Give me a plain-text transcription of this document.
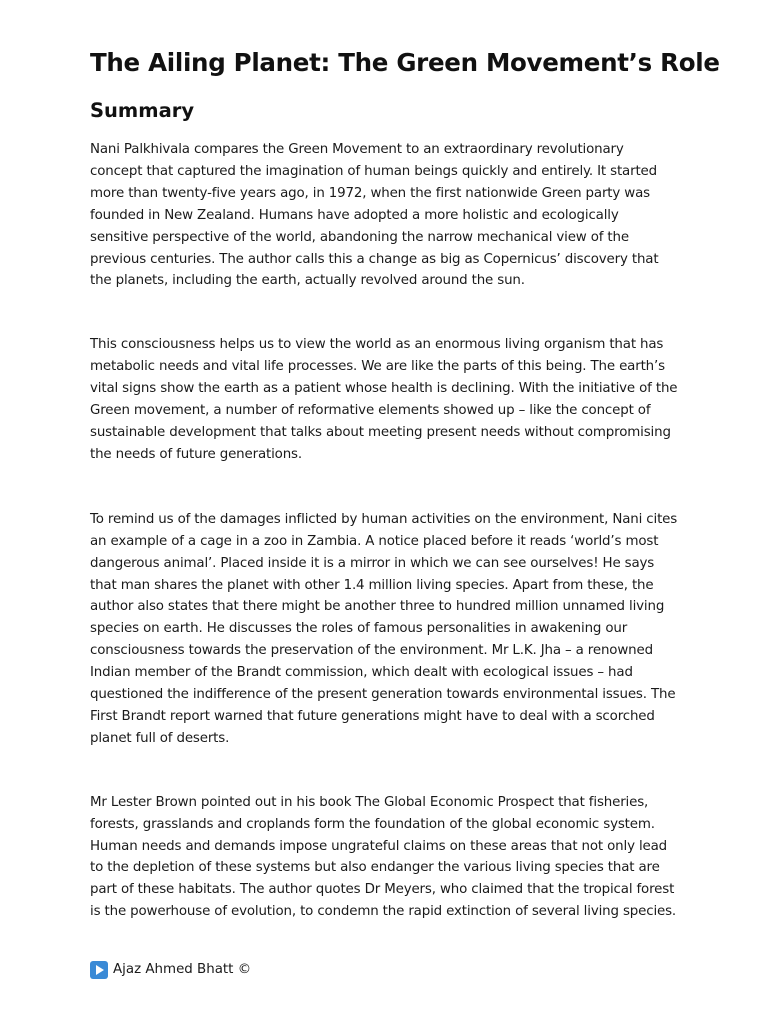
The Ailing Planet: The Green Movement’s Role
Summary

Nani Palkhivala compares the Green Movement to an extraordinary revolutionary concept that captured the imagination of human beings quickly and entirely. It started more than twenty-five years ago, in 1972, when the first nationwide Green party was founded in New Zealand. Humans have adopted a more holistic and ecologically sensitive perspective of the world, abandoning the narrow mechanical view of the previous centuries. The author calls this a change as big as Copernicus’ discovery that the planets, including the earth, actually revolved around the sun.

This consciousness helps us to view the world as an enormous living organism that has metabolic needs and vital life processes. We are like the parts of this being. The earth’s vital signs show the earth as a patient whose health is declining. With the initiative of the Green movement, a number of reformative elements showed up – like the concept of sustainable development that talks about meeting present needs without compromising the needs of future generations.

To remind us of the damages inflicted by human activities on the environment, Nani cites an example of a cage in a zoo in Zambia. A notice placed before it reads ‘world’s most dangerous animal’. Placed inside it is a mirror in which we can see ourselves! He says that man shares the planet with other 1.4 million living species. Apart from these, the author also states that there might be another three to hundred million unnamed living species on earth. He discusses the roles of famous personalities in awakening our consciousness towards the preservation of the environment. Mr L.K. Jha – a renowned Indian member of the Brandt commission, which dealt with ecological issues – had questioned the indifference of the present generation towards environmental issues. The First Brandt report warned that future generations might have to deal with a scorched planet full of deserts.

Mr Lester Brown pointed out in his book The Global Economic Prospect that fisheries, forests, grasslands and croplands form the foundation of the global economic system. Human needs and demands impose ungrateful claims on these areas that not only lead to the depletion of these systems but also endanger the various living species that are part of these habitats. The author quotes Dr Meyers, who claimed that the tropical forest is the powerhouse of evolution, to condemn the rapid extinction of several living species.

Ajaz Ahmed Bhatt ©
